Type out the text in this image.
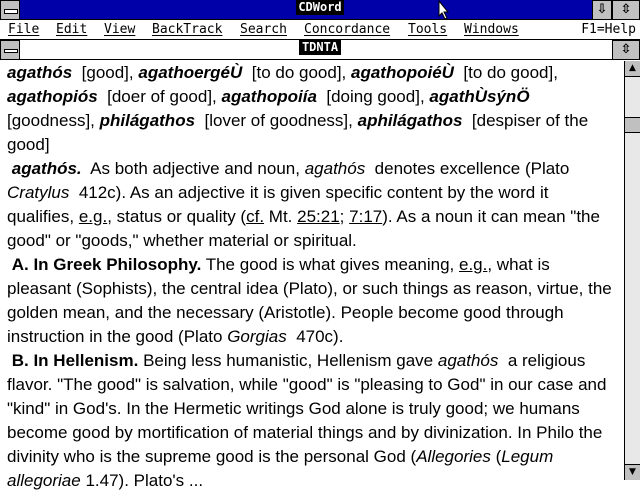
CDWord	⇩	⇳
File Edit View BackTrack Search Concordance Tools Windows	F1=Help
TDNTA	⇳

agathós [good], agathoergéÙ [to do good], agathopoiéÙ [to do good], agathopiós [doer of good], agathopoiía [doing good], agathÙsýnÖ  [goodness], philágathos [lover of goodness], aphilágathos [despiser of the good]

agathós. As both adjective and noun, agathós denotes excellence (Plato Cratylus 412c). As an adjective it is given specific content by the word it qualifies, e.g., status or quality (cf. Mt. 25:21; 7:17). As a noun it can mean "the good" or "goods," whether material or spiritual.

A. In Greek Philosophy. The good is what gives meaning, e.g., what is pleasant (Sophists), the central idea (Plato), or such things as reason, virtue, the golden mean, and the necessary (Aristotle). People become good through instruction in the good (Plato Gorgias 470c).

B. In Hellenism. Being less humanistic, Hellenism gave agathós a religious flavor. "The good" is salvation, while "good" is "pleasing to God" in our case and "kind" in God's. In the Hermetic writings God alone is truly good; we humans become good by mortification of material things and by divinization. In Philo the divinity who is the supreme good is the personal God (Allegories (Legum allegoriae 1.47). Plato's ...

▲
▼
